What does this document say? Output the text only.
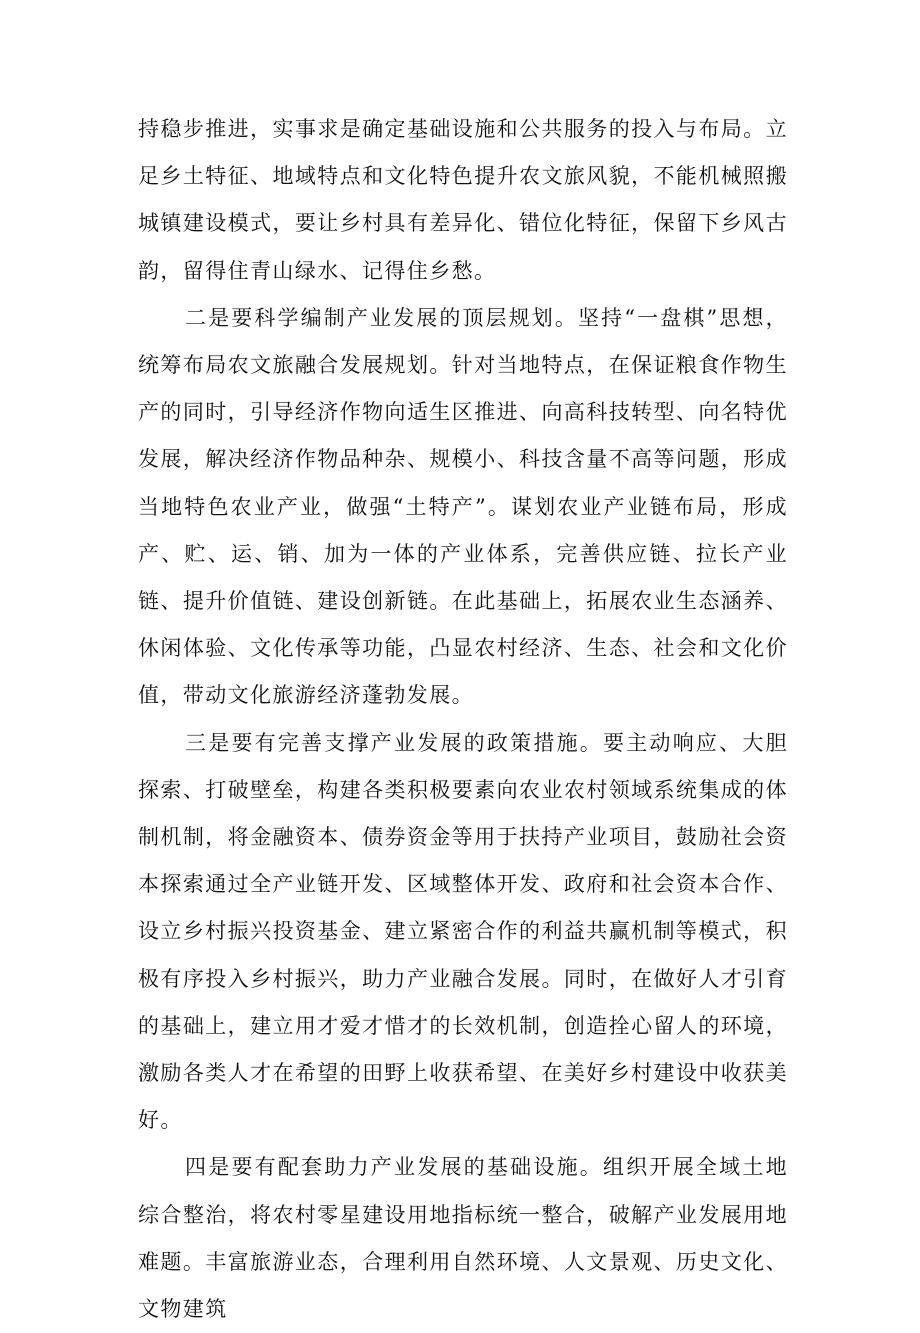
持稳步推进，实事求是确定基础设施和公共服务的投入与布局。立足乡土特征、地域特点和文化特色提升农文旅风貌，不能机械照搬城镇建设模式，要让乡村具有差异化、错位化特征，保留下乡风古韵，留得住青山绿水、记得住乡愁。

二是要科学编制产业发展的顶层规划。坚持“一盘棋”思想，统筹布局农文旅融合发展规划。针对当地特点，在保证粮食作物生产的同时，引导经济作物向适生区推进、向高科技转型、向名特优发展，解决经济作物品种杂、规模小、科技含量不高等问题，形成当地特色农业产业，做强“土特产”。谋划农业产业链布局，形成产、贮、运、销、加为一体的产业体系，完善供应链、拉长产业链、提升价值链、建设创新链。在此基础上，拓展农业生态涵养、休闲体验、文化传承等功能，凸显农村经济、生态、社会和文化价值，带动文化旅游经济蓬勃发展。

三是要有完善支撑产业发展的政策措施。要主动响应、大胆探索、打破壁垒，构建各类积极要素向农业农村领域系统集成的体制机制，将金融资本、债券资金等用于扶持产业项目，鼓励社会资本探索通过全产业链开发、区域整体开发、政府和社会资本合作、设立乡村振兴投资基金、建立紧密合作的利益共赢机制等模式，积极有序投入乡村振兴，助力产业融合发展。同时，在做好人才引育的基础上，建立用才爱才惜才的长效机制，创造拴心留人的环境，激励各类人才在希望的田野上收获希望、在美好乡村建设中收获美好。

四是要有配套助力产业发展的基础设施。组织开展全域土地综合整治，将农村零星建设用地指标统一整合，破解产业发展用地难题。丰富旅游业态，合理利用自然环境、人文景观、历史文化、文物建筑
